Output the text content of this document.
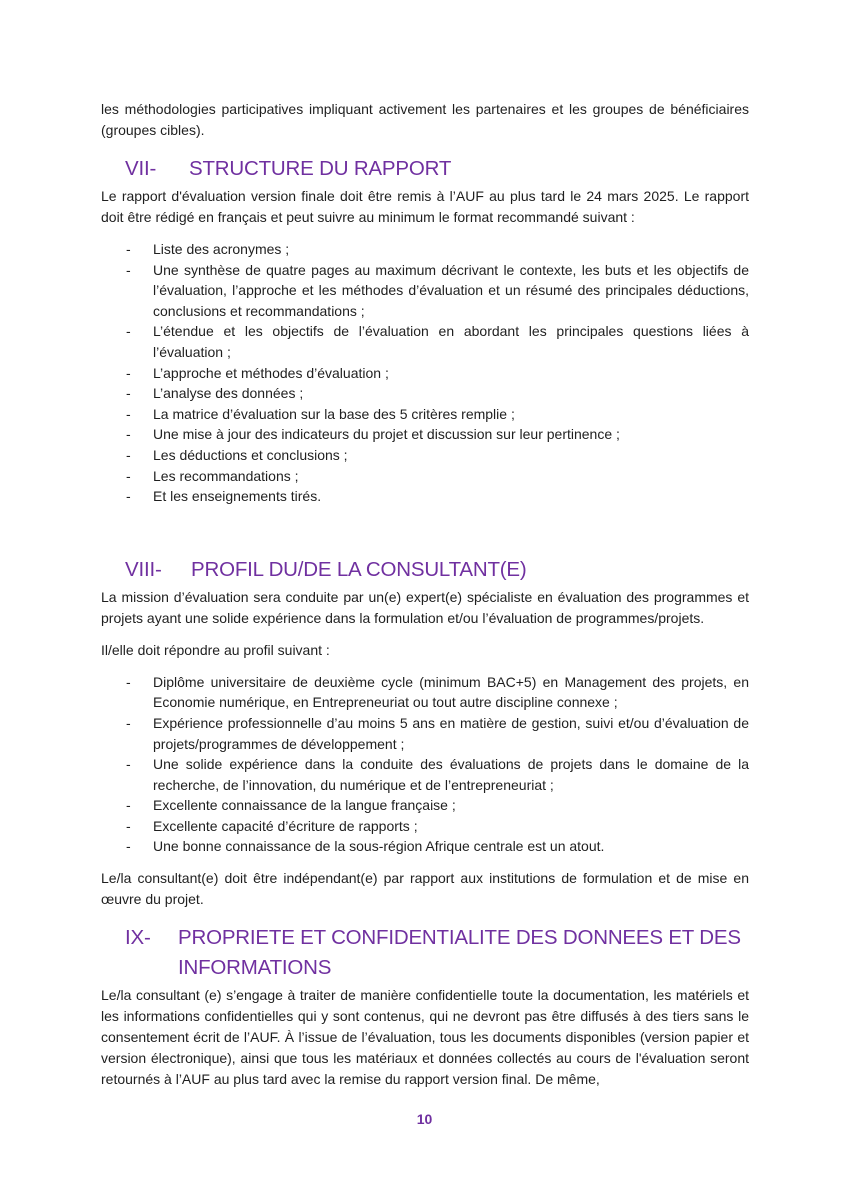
les méthodologies participatives impliquant activement les partenaires et les groupes de bénéficiaires (groupes cibles).

VII-	STRUCTURE DU RAPPORT

Le rapport d'évaluation version finale doit être remis à l’AUF au plus tard le 24 mars 2025. Le rapport doit être rédigé en français et peut suivre au minimum le format recommandé suivant :

- Liste des acronymes ;
- Une synthèse de quatre pages au maximum décrivant le contexte, les buts et les objectifs de l’évaluation, l’approche et les méthodes d’évaluation et un résumé des principales déductions, conclusions et recommandations ;
- L’étendue et les objectifs de l’évaluation en abordant les principales questions liées à l’évaluation ;
- L’approche et méthodes d’évaluation ;
- L’analyse des données ;
- La matrice d’évaluation sur la base des 5 critères remplie ;
- Une mise à jour des indicateurs du projet et discussion sur leur pertinence ;
- Les déductions et conclusions ;
- Les recommandations ;
- Et les enseignements tirés.
VIII-	PROFIL DU/DE LA CONSULTANT(E)

La mission d’évaluation sera conduite par un(e) expert(e) spécialiste en évaluation des programmes et projets ayant une solide expérience dans la formulation et/ou l’évaluation de programmes/projets.

Il/elle doit répondre au profil suivant :

- Diplôme universitaire de deuxième cycle (minimum BAC+5) en Management des projets, en Economie numérique, en Entrepreneuriat ou tout autre discipline connexe ;
- Expérience professionnelle d’au moins 5 ans en matière de gestion, suivi et/ou d’évaluation de projets/programmes de développement ;
- Une solide expérience dans la conduite des évaluations de projets dans le domaine de la recherche, de l’innovation, du numérique et de l’entrepreneuriat ;
- Excellente connaissance de la langue française ;
- Excellente capacité d’écriture de rapports ;
- Une bonne connaissance de la sous-région Afrique centrale est un atout.

Le/la consultant(e) doit être indépendant(e) par rapport aux institutions de formulation et de mise en œuvre du projet.

IX-	PROPRIETE ET CONFIDENTIALITE DES DONNEES ET DES INFORMATIONS

Le/la consultant (e) s’engage à traiter de manière confidentielle toute la documentation, les matériels et les informations confidentielles qui y sont contenus, qui ne devront pas être diffusés à des tiers sans le consentement écrit de l’AUF. À l’issue de l’évaluation, tous les documents disponibles (version papier et version électronique), ainsi que tous les matériaux et données collectés au cours de l'évaluation seront retournés à l’AUF au plus tard avec la remise du rapport version final. De même,

10
